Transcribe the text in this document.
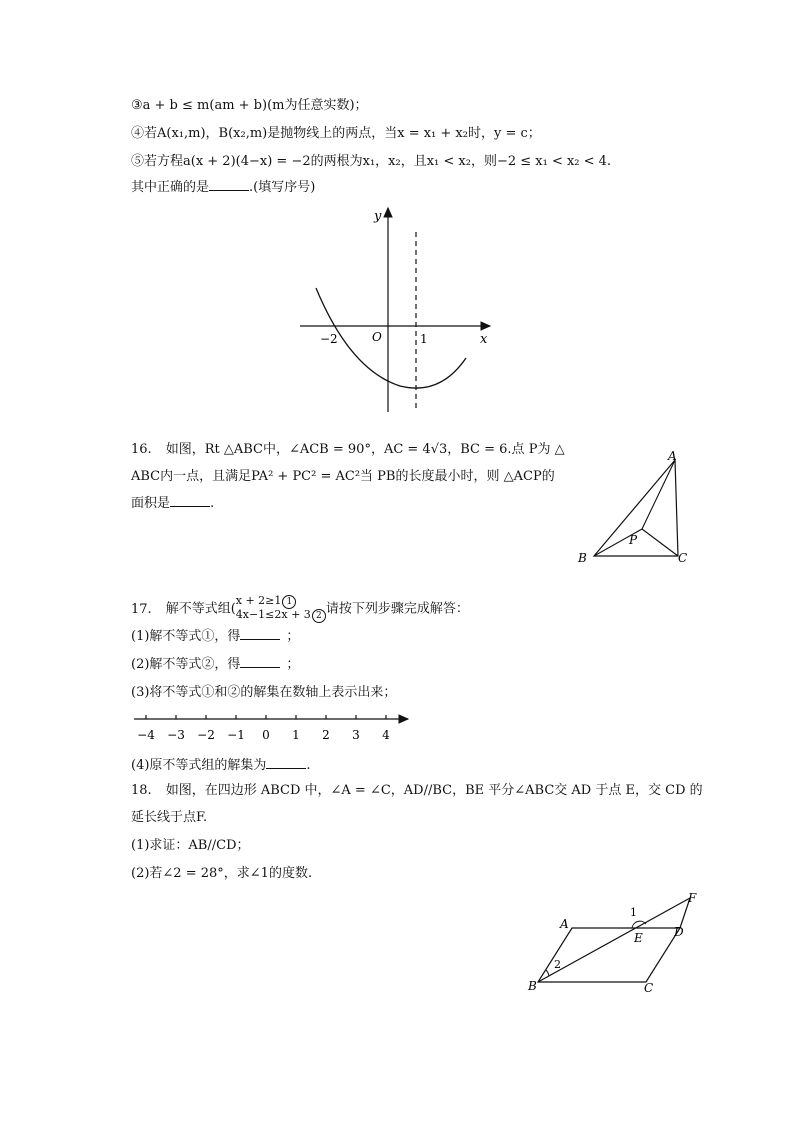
③a + b ≤ m(am + b)(m为任意实数)；
④若A(x₁,m)，B(x₂,m)是抛物线上的两点，当x = x₁ + x₂时，y = c；
⑤若方程a(x + 2)(4−x) = −2的两根为x₁，x₂，且x₁ < x₂，则−2 ≤ x₁ < x₂ < 4.
其中正确的是	.(填写序号)
y
x
O
−2	1
16. 如图，Rt △ABC中，∠ACB = 90°，AC = 4√3，BC = 6.点 P为 △
ABC内一点，且满足PA² + PC² = AC²当 PB的长度最小时，则 △ACP的
面积是	.
A
B	C
P
17. 解不等式组(
x + 2≥1 1
4x−1≤2x + 3 2 请按下列步骤完成解答：
(1)解不等式①，得	；
(2)解不等式②，得	；
(3)将不等式①和②的解集在数轴上表示出来；
−4 −3 −2 −1 0 1 2 3 4
(4)原不等式组的解集为	.
18. 如图，在四边形 ABCD 中，∠A = ∠C，AD//BC，BE 平分∠ABC交 AD 于点 E，交 CD 的
延长线于点F.
(1)求证：AB//CD；
(2)若∠2 = 28°，求∠1的度数.
A
B	C
D
E
F
1
2
